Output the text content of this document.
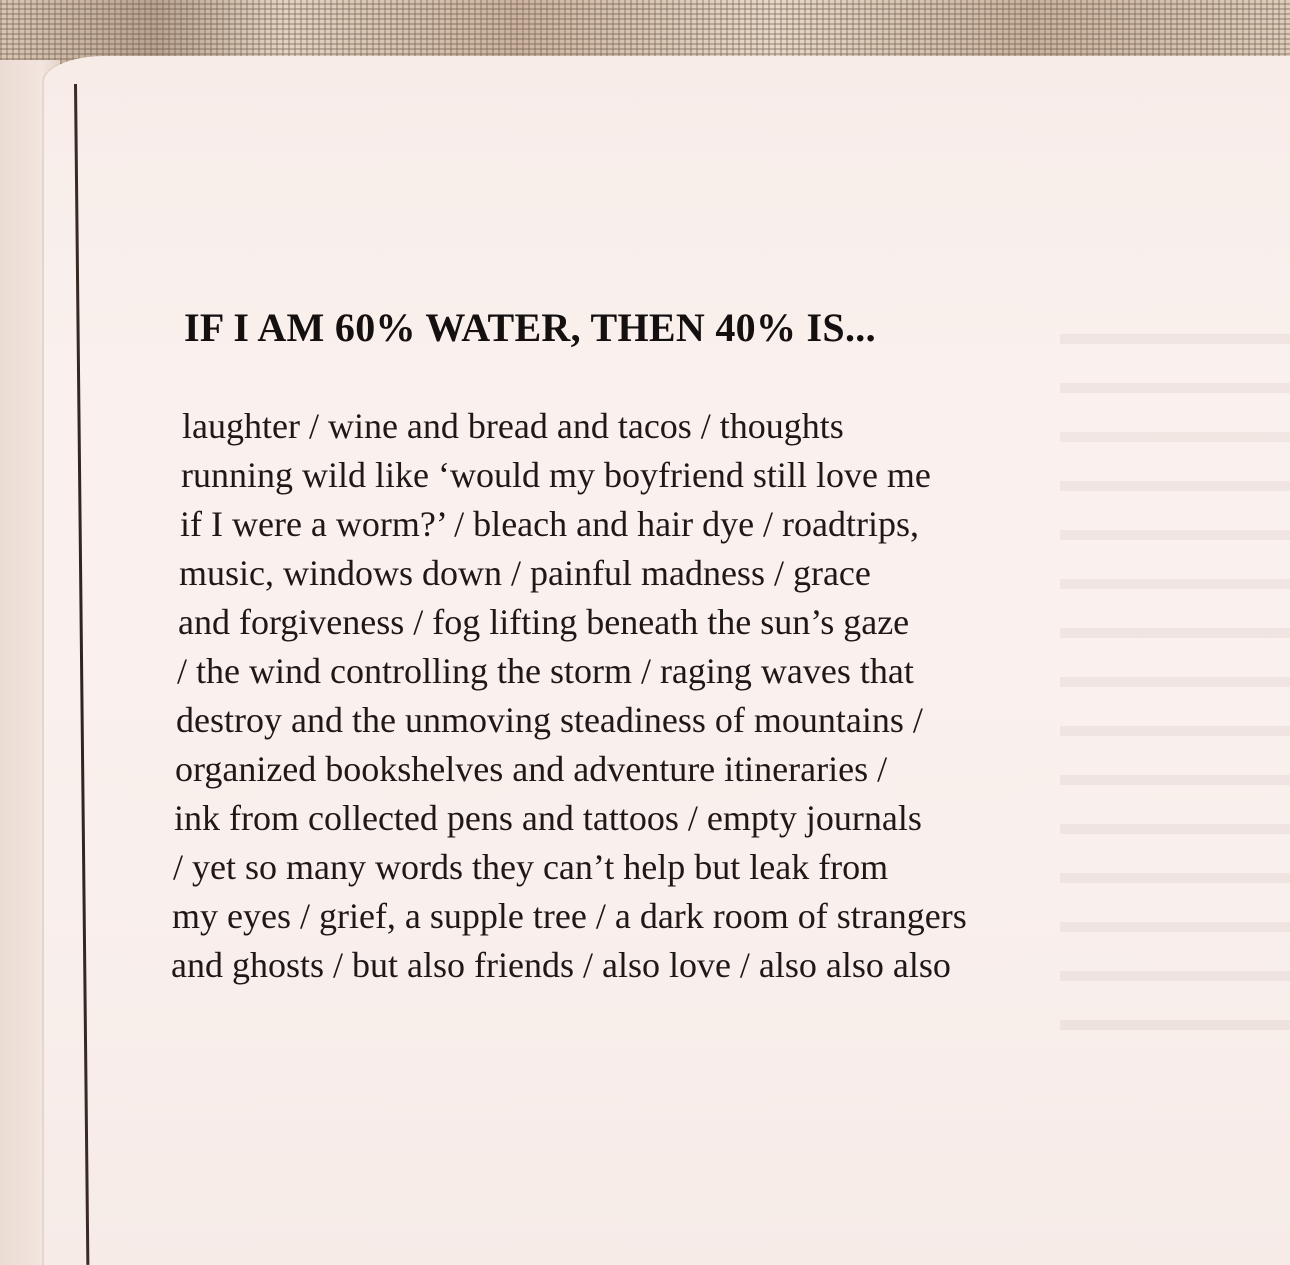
IF I AM 60% WATER, THEN 40% IS...
laughter / wine and bread and tacos / thoughts
running wild like ‘would my boyfriend still love me
if I were a worm?’ / bleach and hair dye / roadtrips,
music, windows down / painful madness / grace
and forgiveness / fog lifting beneath the sun’s gaze
/ the wind controlling the storm / raging waves that
destroy and the unmoving steadiness of mountains /
organized bookshelves and adventure itineraries /
ink from collected pens and tattoos / empty journals
/ yet so many words they can’t help but leak from
my eyes / grief, a supple tree / a dark room of strangers
and ghosts / but also friends / also love / also also also
